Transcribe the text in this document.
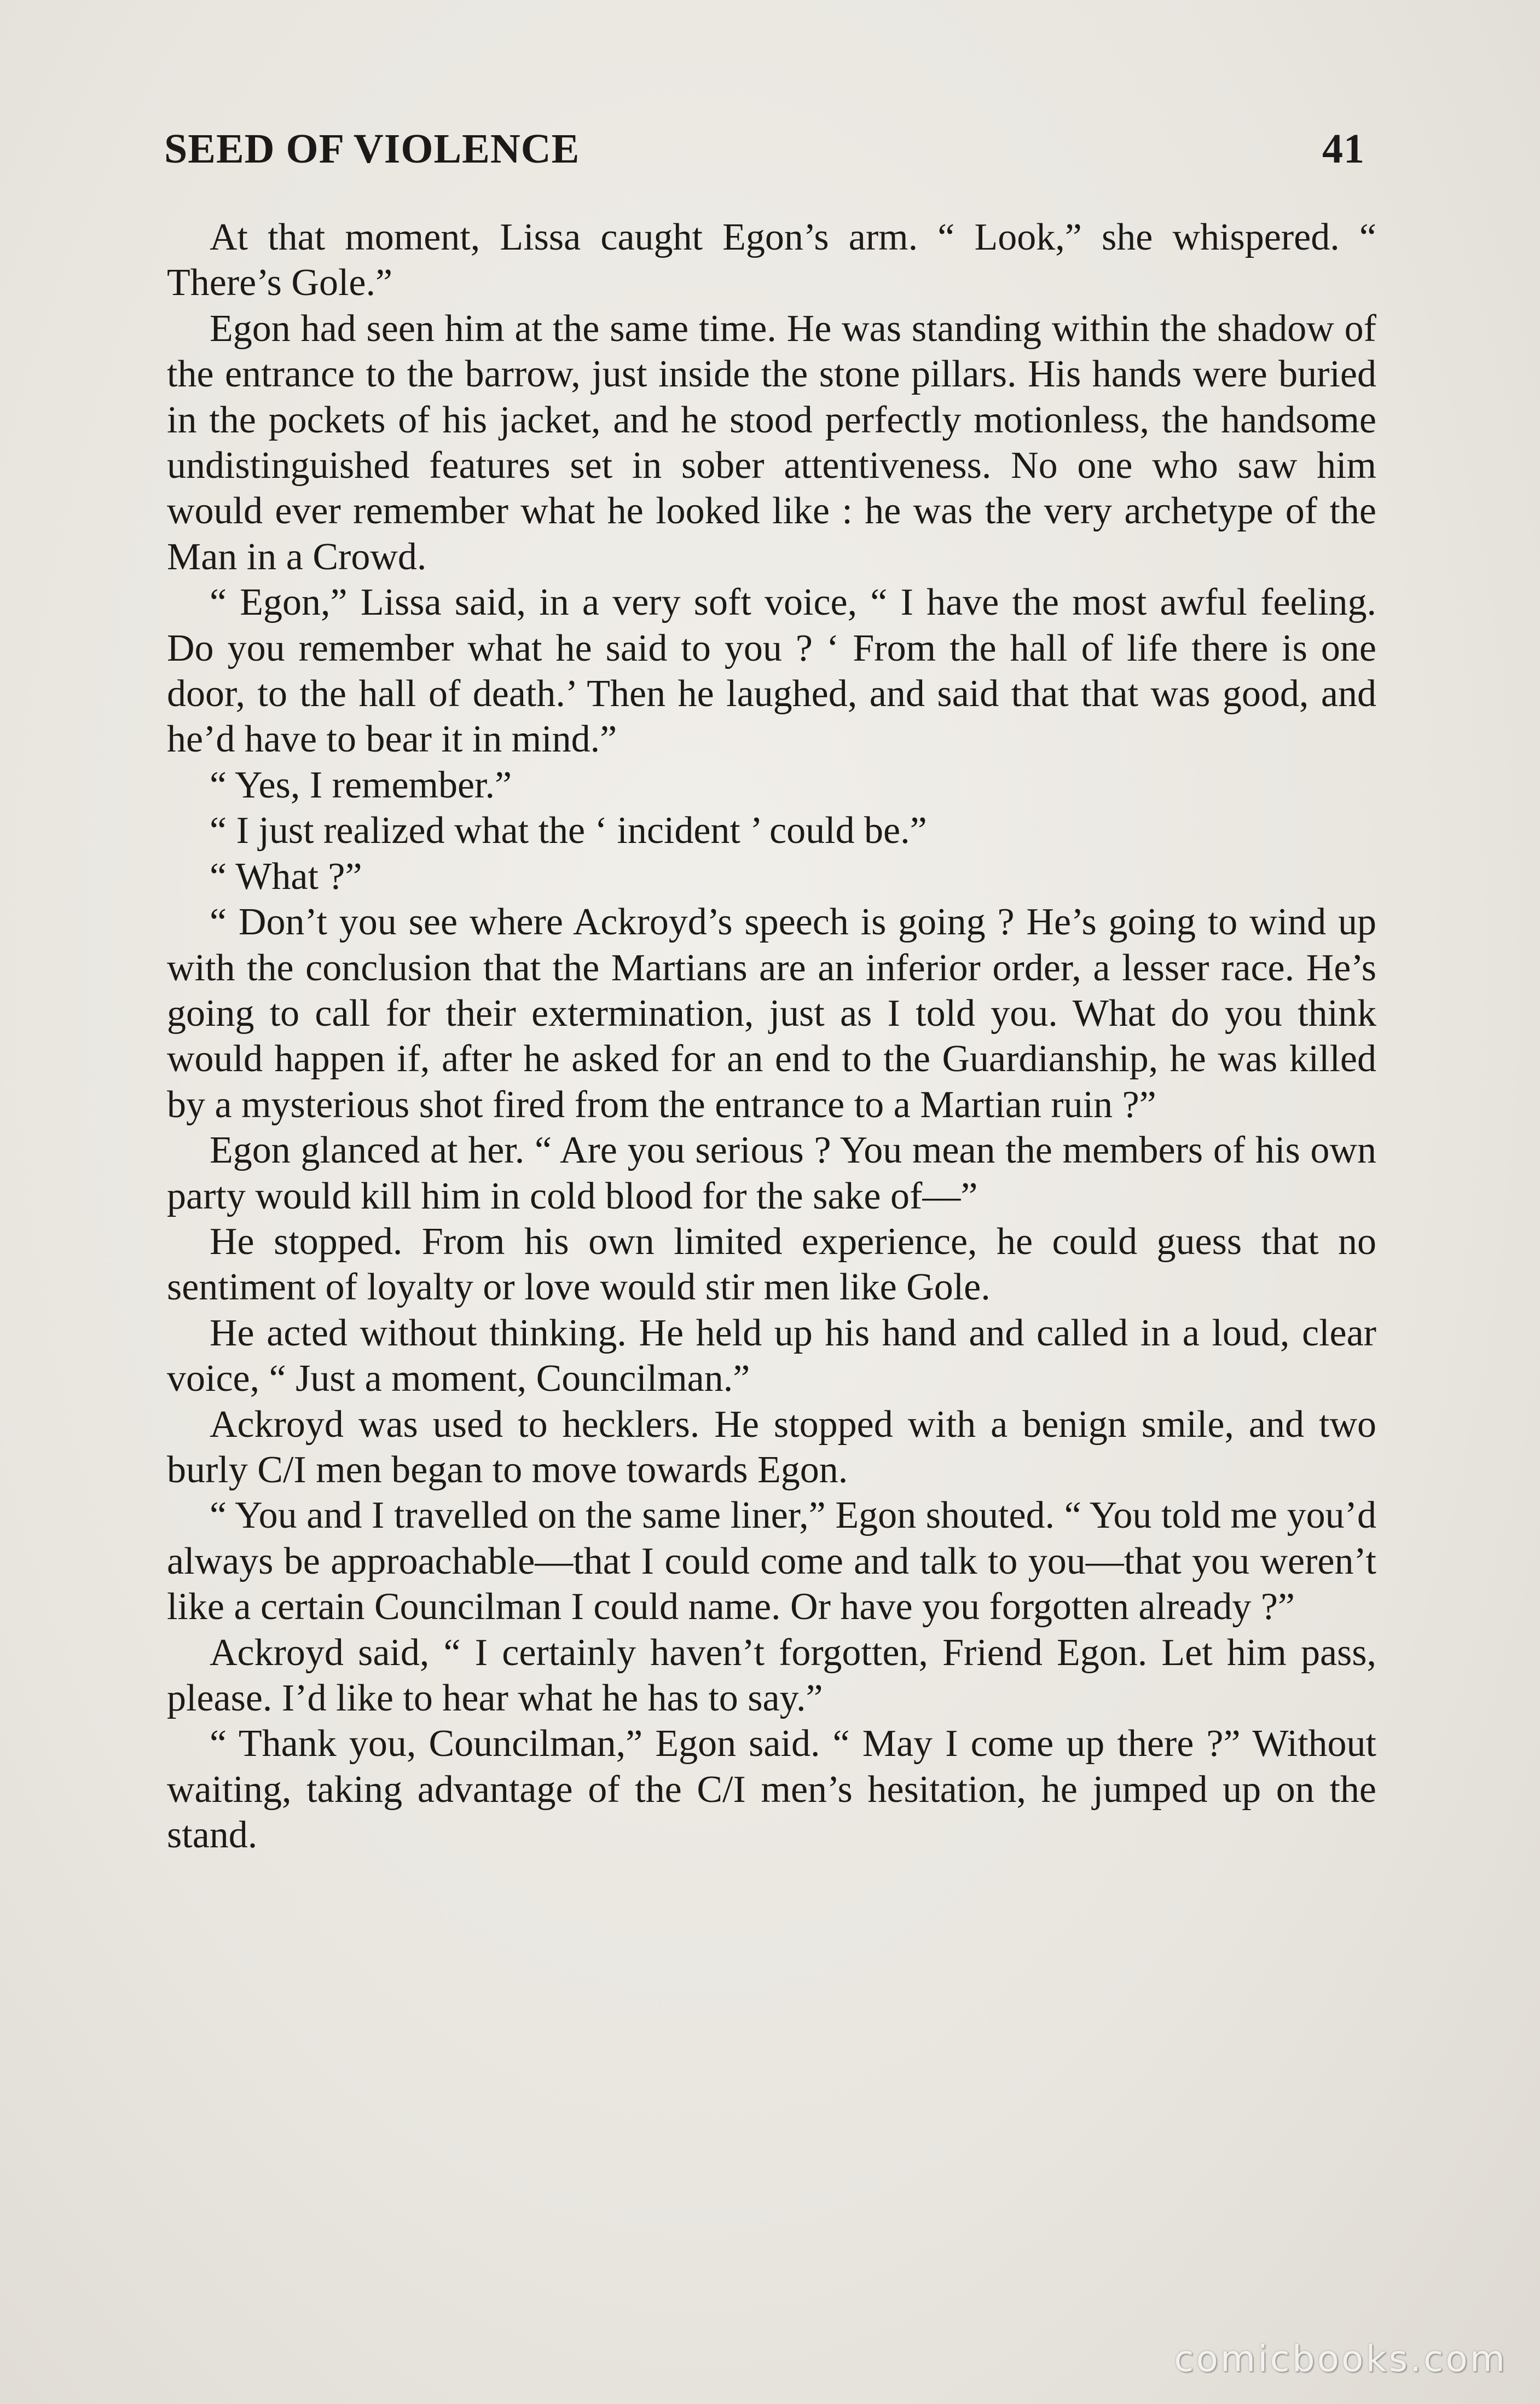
SEED OF VIOLENCE	41

At that moment, Lissa caught Egon’s arm. “ Look,” she whispered. “ There’s Gole.”

Egon had seen him at the same time. He was standing within the shadow of the entrance to the barrow, just inside the stone pillars. His hands were buried in the pockets of his jacket, and he stood perfectly motionless, the handsome undistinguished features set in sober attentiveness. No one who saw him would ever remember what he looked like : he was the very archetype of the Man in a Crowd.

“ Egon,” Lissa said, in a very soft voice, “ I have the most awful feeling. Do you remember what he said to you ? ‘ From the hall of life there is one door, to the hall of death.’ Then he laughed, and said that that was good, and he’d have to bear it in mind.”

“ Yes, I remember.”

“ I just realized what the ‘ incident ’ could be.”

“ What ?”

“ Don’t you see where Ackroyd’s speech is going ? He’s going to wind up with the conclusion that the Martians are an inferior order, a lesser race. He’s going to call for their extermination, just as I told you. What do you think would happen if, after he asked for an end to the Guardianship, he was killed by a mysterious shot fired from the entrance to a Martian ruin ?”

Egon glanced at her. “ Are you serious ? You mean the members of his own party would kill him in cold blood for the sake of—”

He stopped. From his own limited experience, he could guess that no sentiment of loyalty or love would stir men like Gole.

He acted without thinking. He held up his hand and called in a loud, clear voice, “ Just a moment, Councilman.”

Ackroyd was used to hecklers. He stopped with a benign smile, and two burly C/I men began to move towards Egon.

“ You and I travelled on the same liner,” Egon shouted. “ You told me you’d always be approachable—that I could come and talk to you—that you weren’t like a certain Councilman I could name. Or have you forgotten already ?”

Ackroyd said, “ I certainly haven’t forgotten, Friend Egon. Let him pass, please. I’d like to hear what he has to say.”

“ Thank you, Councilman,” Egon said. “ May I come up there ?” Without waiting, taking advantage of the C/I men’s hesitation, he jumped up on the stand.

comicbooks.com
